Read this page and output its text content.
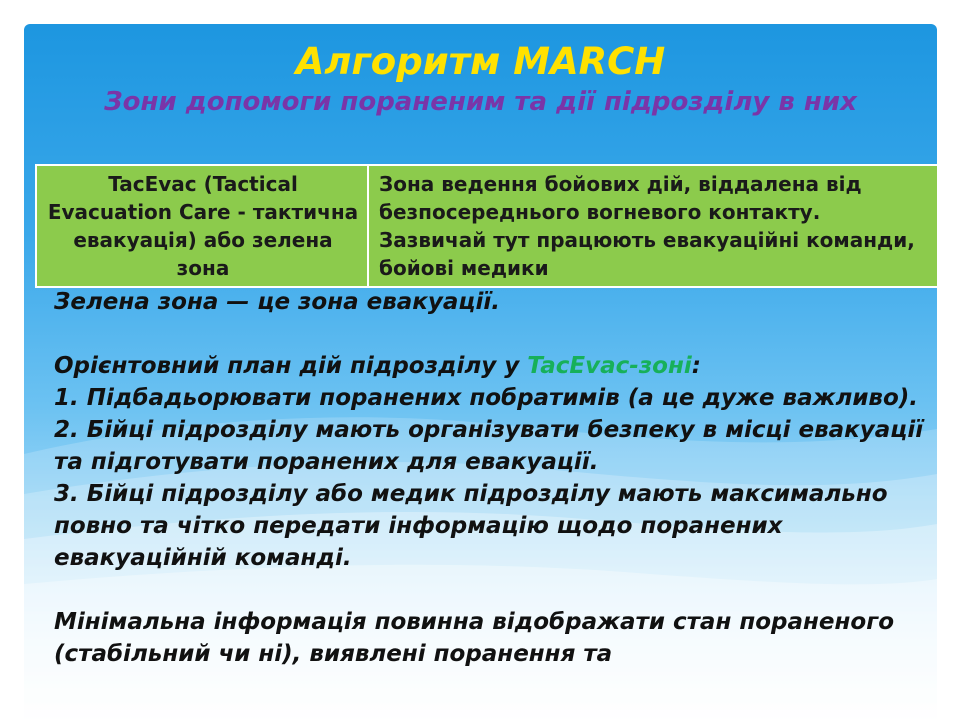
Алгоритм MARCH
Зони допомоги пораненим та дії підрозділу в них
TacEvac (Tactical Evacuation Care - тактична евакуація) або зелена зона	Зона ведення бойових дій, віддалена від безпосереднього вогневого контакту. Зазвичай тут працюють евакуаційні команди, бойові медики

Зелена зона — це зона евакуації.

Орієнтовний план дій підрозділу у TacEvac-зоні:

1. Підбадьорювати поранених побратимів (а це дуже важливо).

2. Бійці підрозділу мають організувати безпеку в місці евакуації та підготувати поранених для евакуації.

3. Бійці підрозділу або медик підрозділу мають максимально повно та чітко передати інформацію щодо поранених евакуаційній команді.

Мінімальна інформація повинна відображати стан пораненого (стабільний чи ні), виявлені поранення та
